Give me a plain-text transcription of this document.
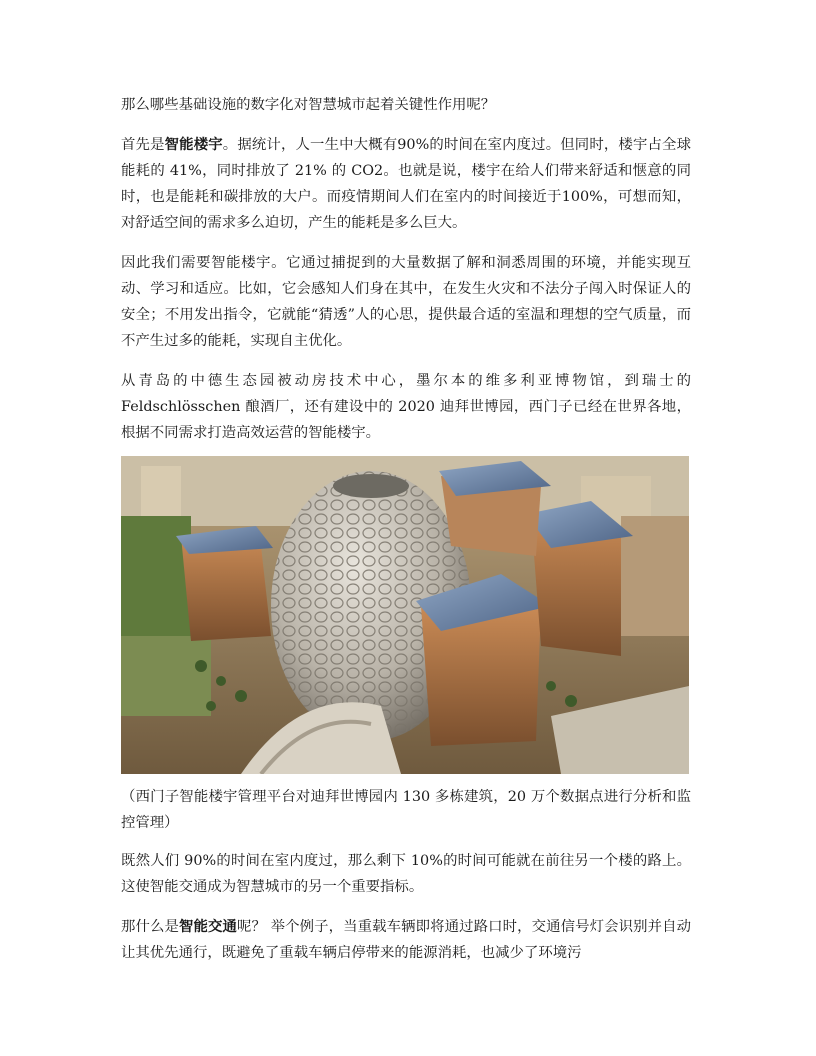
那么哪些基础设施的数字化对智慧城市起着关键性作用呢？

首先是智能楼宇。据统计，人一生中大概有90%的时间在室内度过。但同时，楼宇占全球能耗的 41%，同时排放了 21% 的 CO2。也就是说，楼宇在给人们带来舒适和惬意的同时，也是能耗和碳排放的大户。而疫情期间人们在室内的时间接近于100%，可想而知，对舒适空间的需求多么迫切，产生的能耗是多么巨大。

因此我们需要智能楼宇。它通过捕捉到的大量数据了解和洞悉周围的环境，并能实现互动、学习和适应。比如，它会感知人们身在其中，在发生火灾和不法分子闯入时保证人的安全；不用发出指令，它就能“猜透”人的心思，提供最合适的室温和理想的空气质量，而不产生过多的能耗，实现自主优化。

从青岛的中德生态园被动房技术中心，墨尔本的维多利亚博物馆，到瑞士的Feldschlösschen 酿酒厂，还有建设中的 2020 迪拜世博园，西门子已经在世界各地，根据不同需求打造高效运营的智能楼宇。

（西门子智能楼宇管理平台对迪拜世博园内 130 多栋建筑，20 万个数据点进行分析和监控管理）

既然人们 90%的时间在室内度过，那么剩下 10%的时间可能就在前往另一个楼的路上。这使智能交通成为智慧城市的另一个重要指标。

那什么是智能交通呢？ 举个例子，当重载车辆即将通过路口时，交通信号灯会识别并自动让其优先通行，既避免了重载车辆启停带来的能源消耗，也减少了环境污
